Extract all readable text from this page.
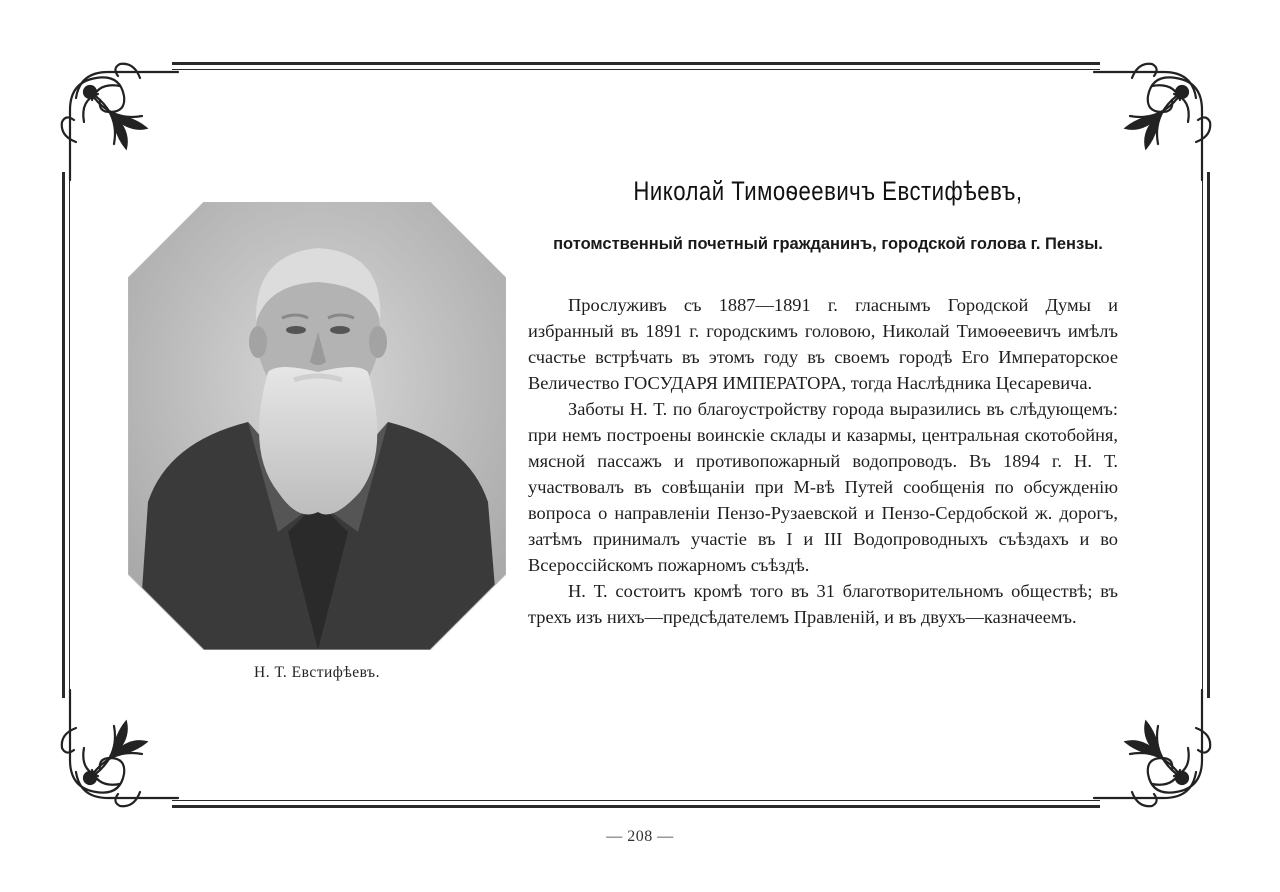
Н. Т. Евстифѣевъ.
Николай Тимоѳеевичъ Евстифѣевъ,
потомственный почетный гражданинъ, городской голова г. Пензы.

Прослуживъ съ 1887—1891 г. гласнымъ Городской Думы и избранный въ 1891 г. городскимъ головою, Николай Тимоѳеевичъ имѣлъ счастье встрѣчать въ этомъ году въ своемъ городѣ Его Императорское Величество ГОСУДАРЯ ИМПЕРАТОРА, тогда Наслѣдника Цесаревича.

Заботы Н. Т. по благоустройству города выразились въ слѣдующемъ: при немъ построены воинскіе склады и казармы, центральная скотобойня, мясной пассажъ и противопожарный водопроводъ. Въ 1894 г. Н. Т. участвовалъ въ совѣщаніи при М-вѣ Путей сообщенія по обсужденію вопроса о направленіи Пензо-Рузаевской и Пензо-Сердобской ж. дорогъ, затѣмъ принималъ участіе въ I и III Водопроводныхъ съѣздахъ и во Всероссійскомъ пожарномъ съѣздѣ.

Н. Т. состоитъ кромѣ того въ 31 благотворительномъ обществѣ; въ трехъ изъ нихъ—предсѣдателемъ Правленій, и въ двухъ—казначеемъ.

— 208 —
